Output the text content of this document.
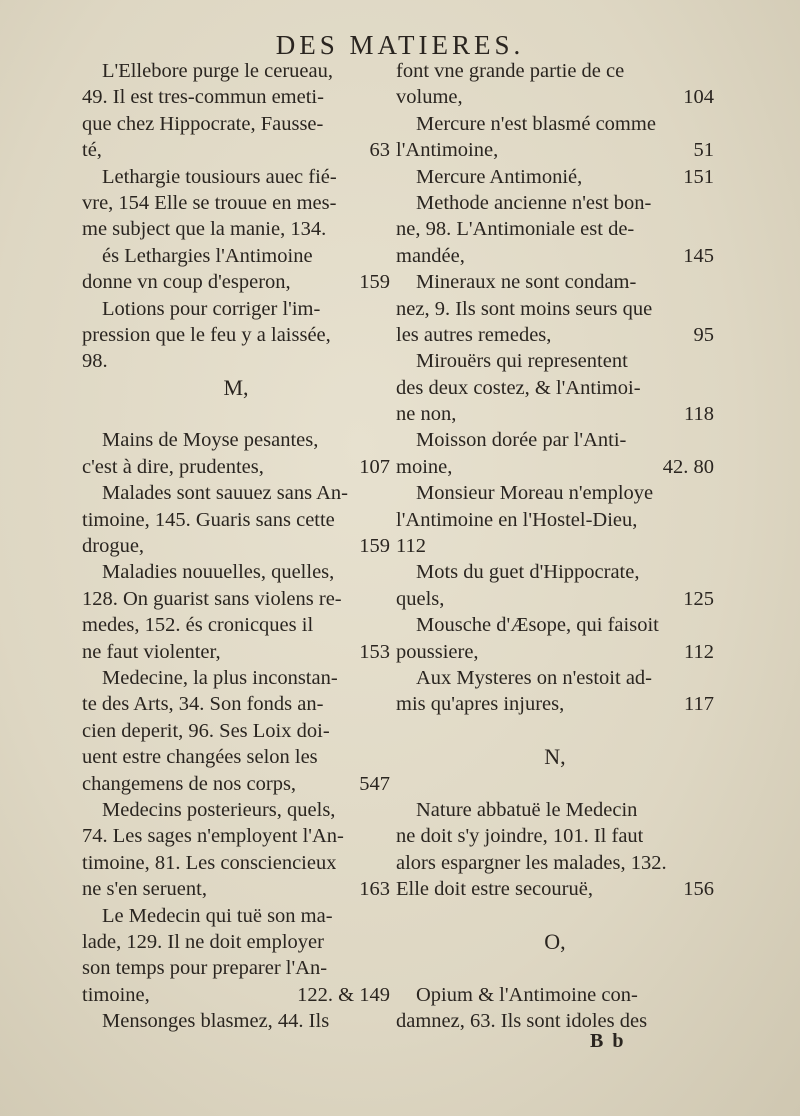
DES MATIERES.
L'Ellebore purge le cerueau,
49. Il est tres-commun emeti-
que chez Hippocrate, Fausse-
té,	63
Lethargie tousiours auec fié-
vre, 154 Elle se trouue en mes-
me subject que la manie, 134.
és Lethargies l'Antimoine
donne vn coup d'esperon,	159
Lotions pour corriger l'im-
pression que le feu y a laissée,
98.
M,
Mains de Moyse pesantes,
c'est à dire, prudentes,	107
Malades sont sauuez sans An-
timoine, 145. Guaris sans cette
drogue,	159
Maladies nouuelles, quelles,
128. On guarist sans violens re-
medes, 152. és cronicques il
ne faut violenter,	153
Medecine, la plus inconstan-
te des Arts, 34. Son fonds an-
cien deperit, 96. Ses Loix doi-
uent estre changées selon les
changemens de nos corps,	547
Medecins posterieurs, quels,
74. Les sages n'employent l'An-
timoine, 81. Les consciencieux
ne s'en seruent,	163
Le Medecin qui tuë son ma-
lade, 129. Il ne doit employer
son temps pour preparer l'An-
timoine,	122. & 149
Mensonges blasmez, 44. Ils
font vne grande partie de ce
volume,	104
Mercure n'est blasmé comme
l'Antimoine,	51
Mercure Antimonié,	151
Methode ancienne n'est bon-
ne, 98. L'Antimoniale est de-
mandée,	145
Mineraux ne sont condam-
nez, 9. Ils sont moins seurs que
les autres remedes,	95
Mirouërs qui representent
des deux costez, & l'Antimoi-
ne non,	118
Moisson dorée par l'Anti-
moine,	42. 80
Monsieur Moreau n'employe
l'Antimoine en l'Hostel-Dieu,
112
Mots du guet d'Hippocrate,
quels,	125
Mousche d'Æsope, qui faisoit
poussiere,	112
Aux Mysteres on n'estoit ad-
mis qu'apres injures,	117
N,
Nature abbatuë le Medecin
ne doit s'y joindre, 101. Il faut
alors espargner les malades, 132.
Elle doit estre secouruë,	156
O,
Opium & l'Antimoine con-
damnez, 63. Ils sont idoles des
B b
